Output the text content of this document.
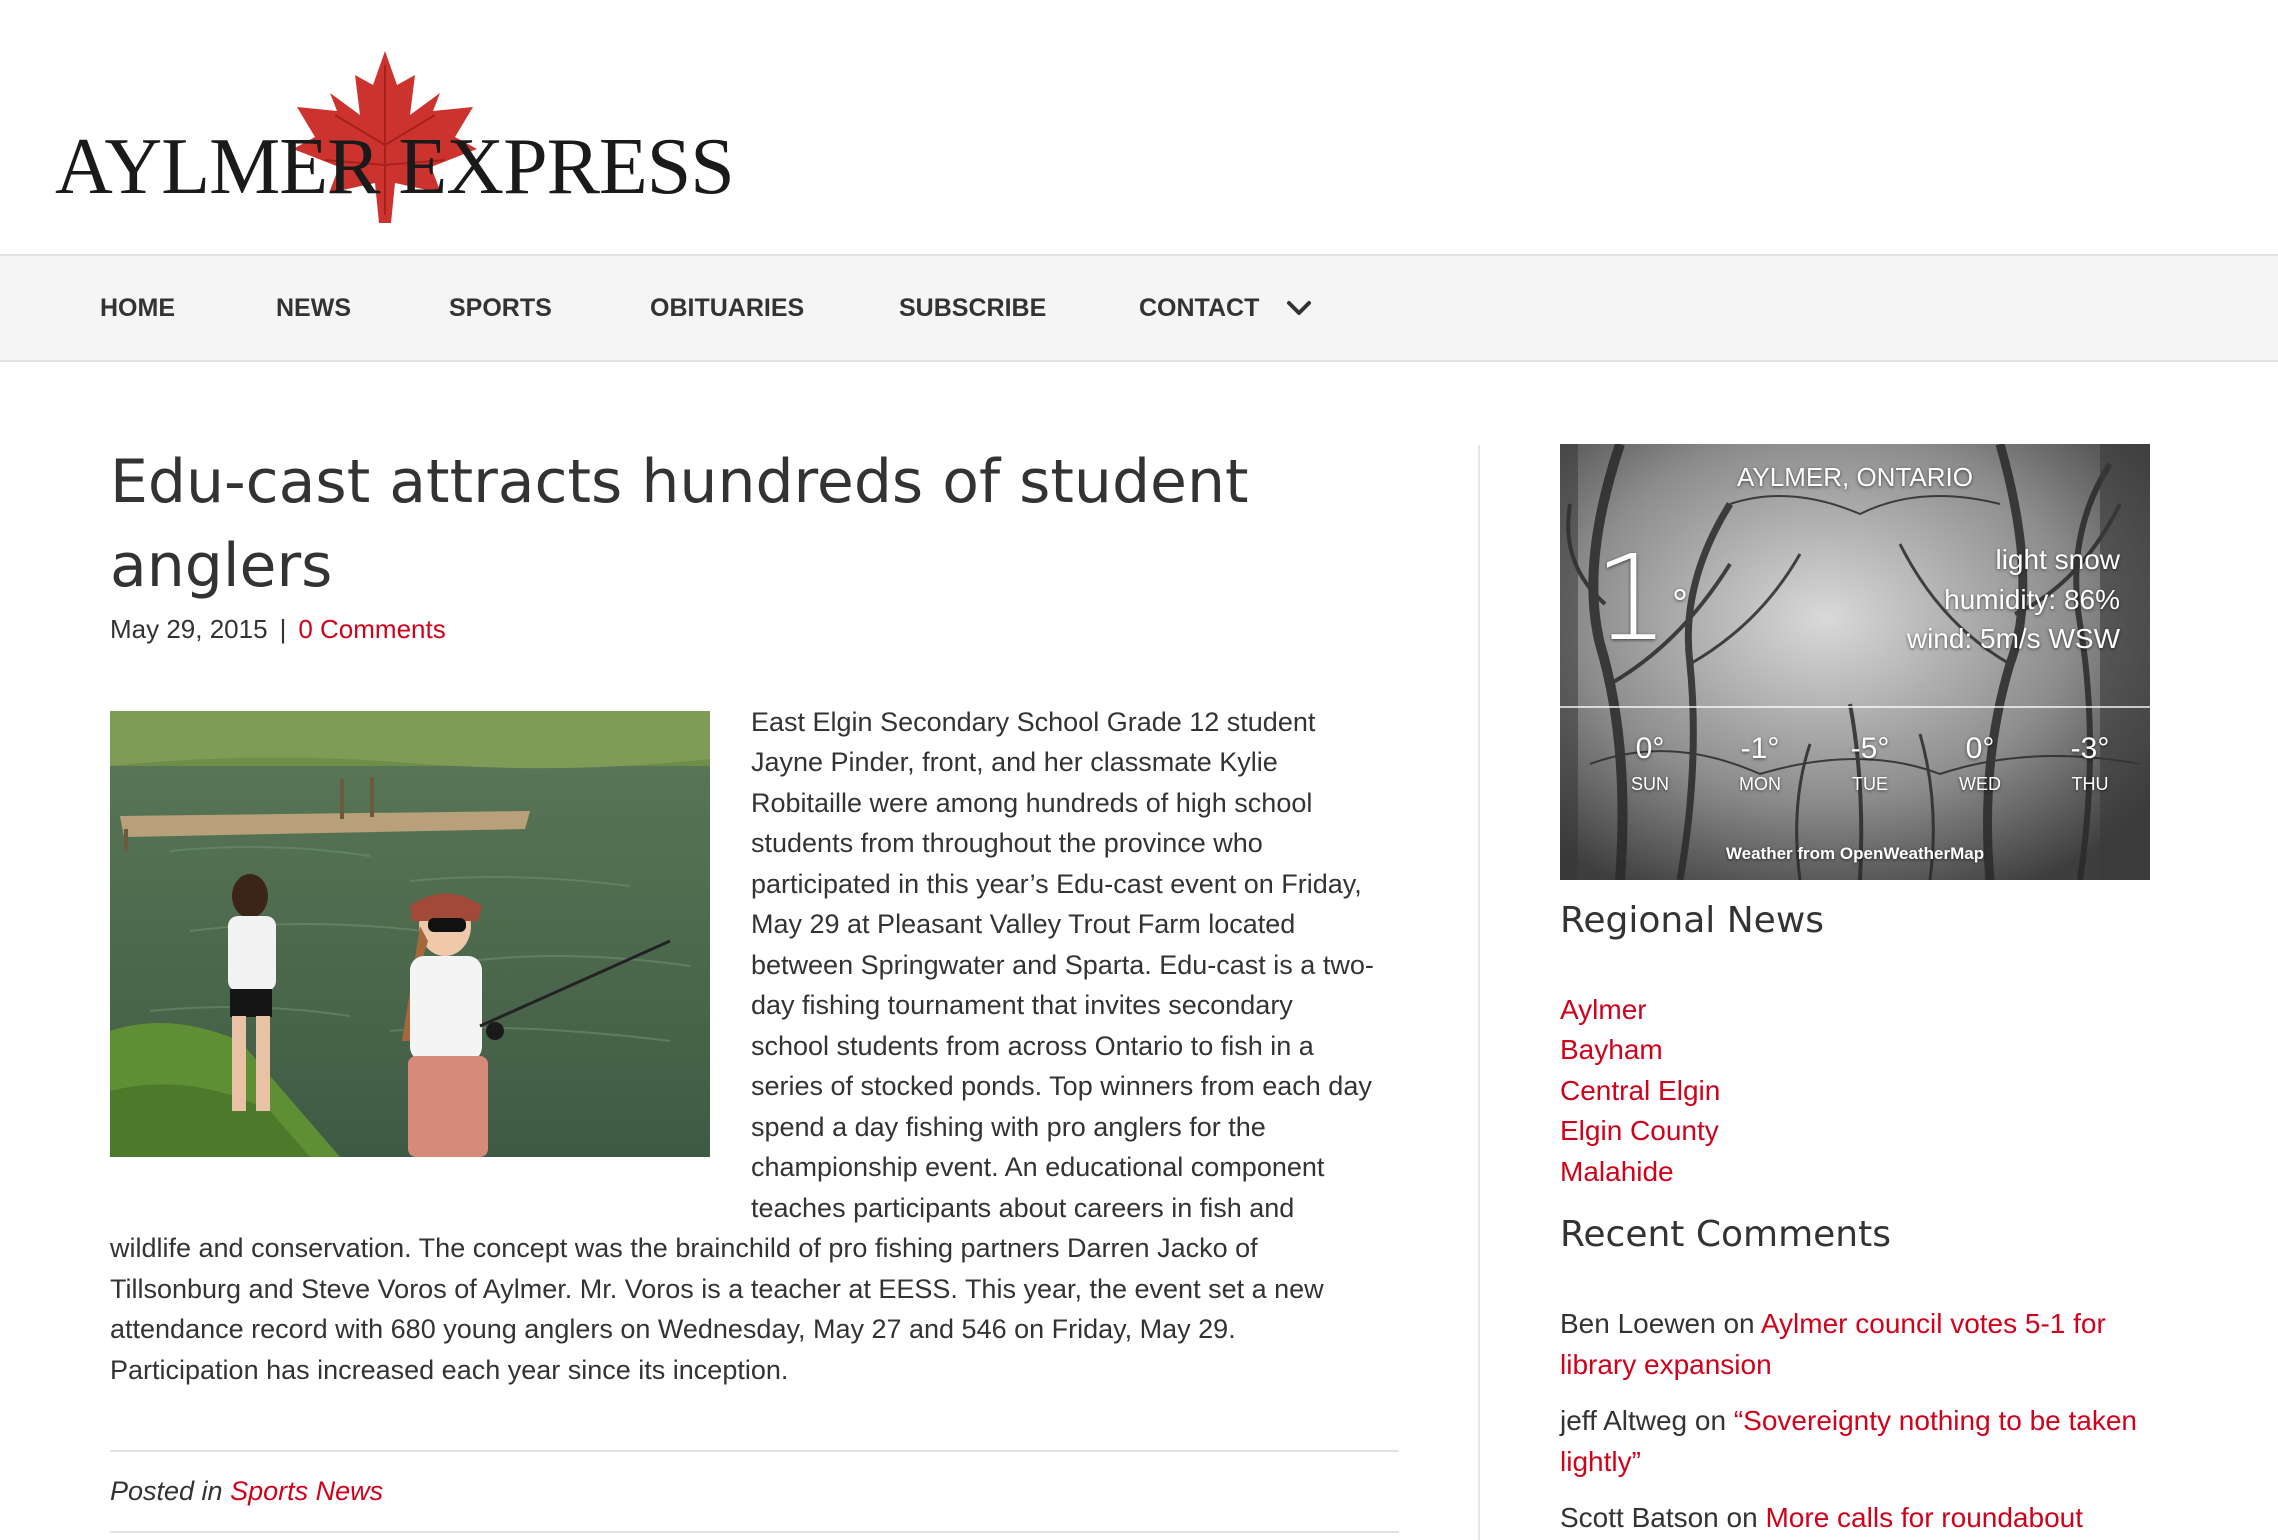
AYLMER EXPRESS
HOME	NEWS	SPORTS	OBITUARIES	SUBSCRIBE	CONTACT
Edu-cast attracts hundreds of student
anglers
May 29, 2015 | 0 Comments

East Elgin Secondary School Grade 12 student

Jayne Pinder, front, and her classmate Kylie

Robitaille were among hundreds of high school

students from throughout the province who

participated in this year’s Edu-cast event on Friday,

May 29 at Pleasant Valley Trout Farm located

between Springwater and Sparta. Edu-cast is a two-

day fishing tournament that invites secondary

school students from across Ontario to fish in a

series of stocked ponds. Top winners from each day

spend a day fishing with pro anglers for the

championship event. An educational component

teaches participants about careers in fish and

wildlife and conservation. The concept was the brainchild of pro fishing partners Darren Jacko of

Tillsonburg and Steve Voros of Aylmer. Mr. Voros is a teacher at EESS. This year, the event set a new

attendance record with 680 young anglers on Wednesday, May 27 and 546 on Friday, May 29.

Participation has increased each year since its inception.

Posted in Sports News
AYLMER, ONTARIO
1 °
light snow
humidity: 86%
wind: 5m/s WSW
0°
SUN
-1°
MON
-5°
TUE
0°
WED
-3°
THU
Weather from OpenWeatherMap
Regional News
Aylmer
Bayham
Central Elgin
Elgin County
Malahide
Recent Comments
Ben Loewen on Aylmer council votes 5-1 for
library expansion
jeff Altweg on “Sovereignty nothing to be taken
lightly”
Scott Batson on More calls for roundabout
